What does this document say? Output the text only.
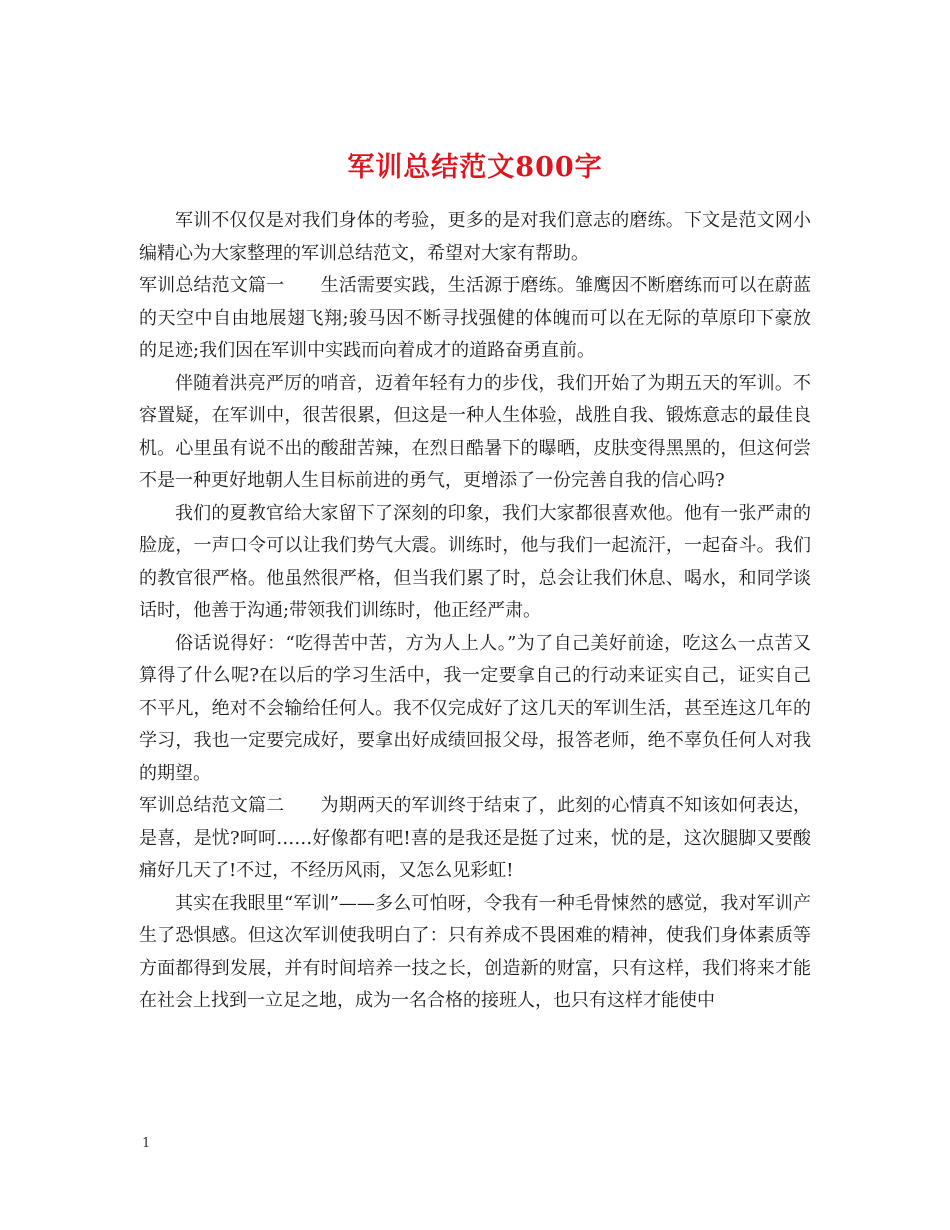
军训总结范文800字

军训不仅仅是对我们身体的考验，更多的是对我们意志的磨练。下文是范文网小编精心为大家整理的军训总结范文，希望对大家有帮助。

军训总结范文篇一　　生活需要实践，生活源于磨练。雏鹰因不断磨练而可以在蔚蓝的天空中自由地展翅飞翔;骏马因不断寻找强健的体魄而可以在无际的草原印下豪放的足迹;我们因在军训中实践而向着成才的道路奋勇直前。

伴随着洪亮严厉的哨音，迈着年轻有力的步伐，我们开始了为期五天的军训。不容置疑，在军训中，很苦很累，但这是一种人生体验，战胜自我、锻炼意志的最佳良机。心里虽有说不出的酸甜苦辣，在烈日酷暑下的曝晒，皮肤变得黑黑的，但这何尝不是一种更好地朝人生目标前进的勇气，更增添了一份完善自我的信心吗?

我们的夏教官给大家留下了深刻的印象，我们大家都很喜欢他。他有一张严肃的脸庞，一声口令可以让我们势气大震。训练时，他与我们一起流汗，一起奋斗。我们的教官很严格。他虽然很严格，但当我们累了时，总会让我们休息、喝水，和同学谈话时，他善于沟通;带领我们训练时，他正经严肃。

俗话说得好：“吃得苦中苦，方为人上人。”为了自己美好前途，吃这么一点苦又算得了什么呢?在以后的学习生活中，我一定要拿自己的行动来证实自己，证实自己不平凡，绝对不会输给任何人。我不仅完成好了这几天的军训生活，甚至连这几年的学习，我也一定要完成好，要拿出好成绩回报父母，报答老师，绝不辜负任何人对我的期望。

军训总结范文篇二　　为期两天的军训终于结束了，此刻的心情真不知该如何表达，是喜，是忧?呵呵……好像都有吧!喜的是我还是挺了过来，忧的是，这次腿脚又要酸痛好几天了!不过，不经历风雨，又怎么见彩虹!

其实在我眼里“军训”——多么可怕呀，令我有一种毛骨悚然的感觉，我对军训产生了恐惧感。但这次军训使我明白了：只有养成不畏困难的精神，使我们身体素质等方面都得到发展，并有时间培养一技之长，创造新的财富，只有这样，我们将来才能在社会上找到一立足之地，成为一名合格的接班人，也只有这样才能使中

1
